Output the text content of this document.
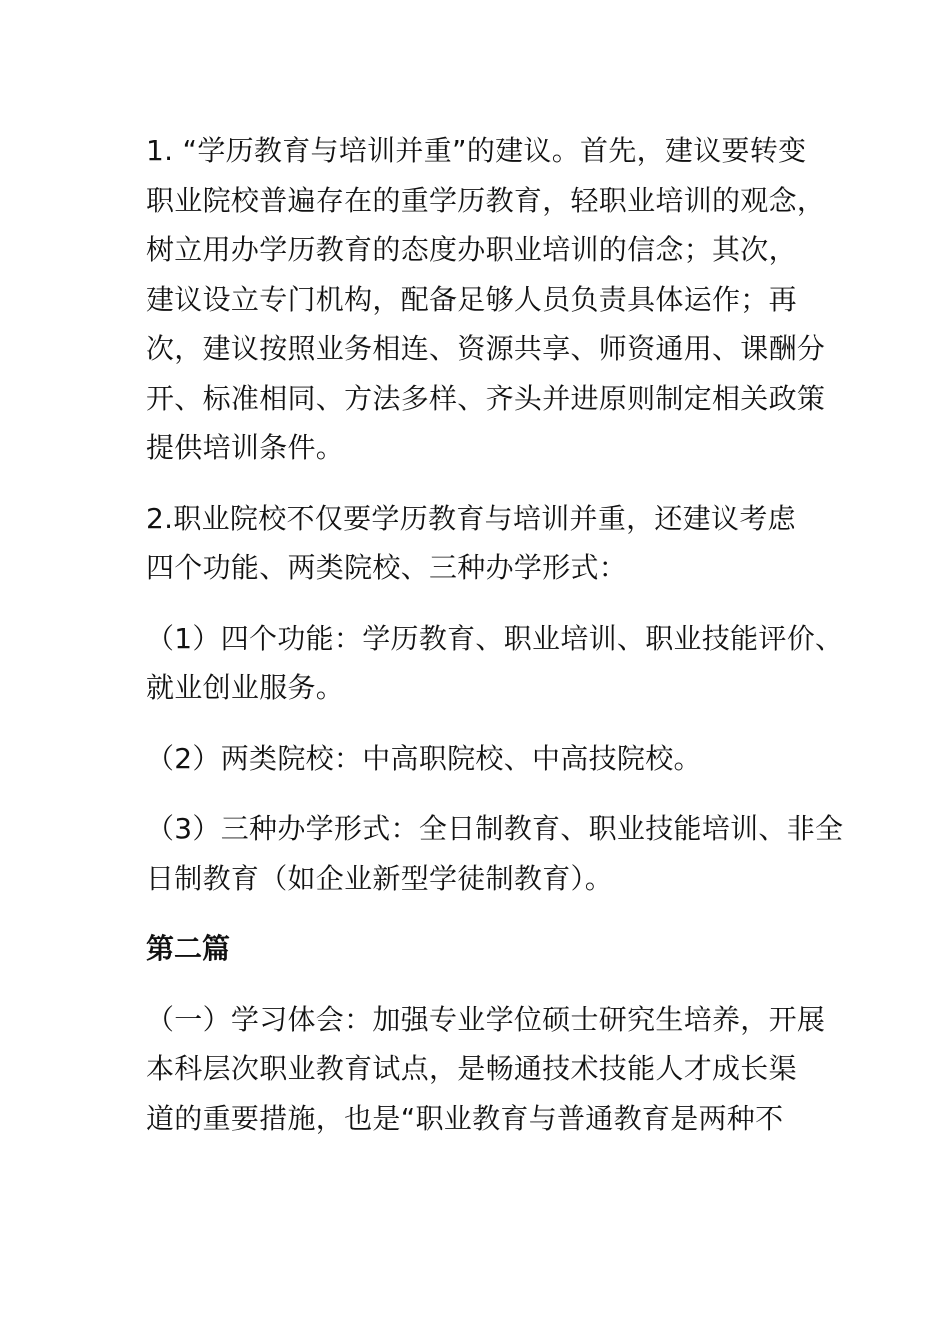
1. “学历教育与培训并重”的建议。首先，建议要转变
职业院校普遍存在的重学历教育，轻职业培训的观念，
树立用办学历教育的态度办职业培训的信念；其次，
建议设立专门机构，配备足够人员负责具体运作；再
次，建议按照业务相连、资源共享、师资通用、课酬分
开、标准相同、方法多样、齐头并进原则制定相关政策
提供培训条件。

2.职业院校不仅要学历教育与培训并重，还建议考虑
四个功能、两类院校、三种办学形式：

（1）四个功能：学历教育、职业培训、职业技能评价、
就业创业服务。

（2）两类院校：中高职院校、中高技院校。

（3）三种办学形式：全日制教育、职业技能培训、非全
日制教育（如企业新型学徒制教育）。

第二篇

（一）学习体会：加强专业学位硕士研究生培养，开展
本科层次职业教育试点，是畅通技术技能人才成长渠
道的重要措施，也是“职业教育与普通教育是两种不
